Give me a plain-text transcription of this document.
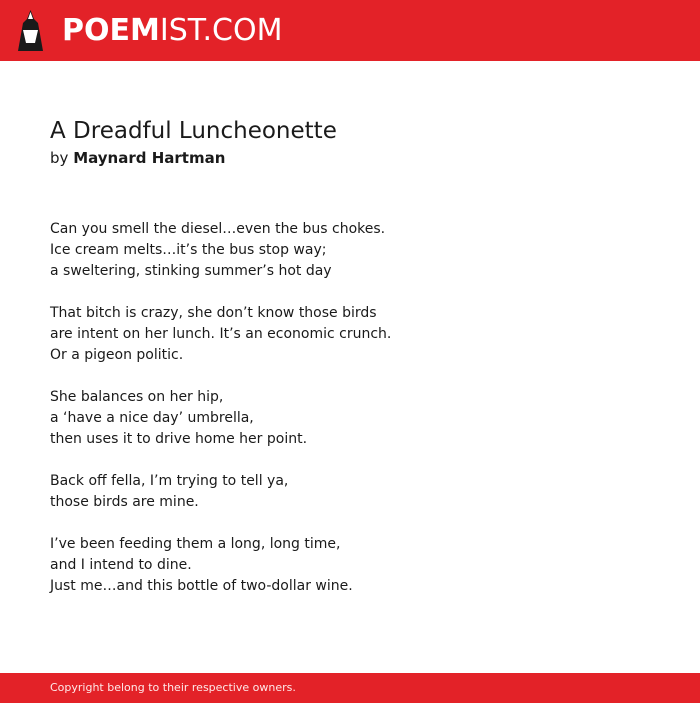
POEMIST.COM
A Dreadful Luncheonette
by Maynard Hartman
Can you smell the diesel…even the bus chokes.
Ice cream melts…it’s the bus stop way;
a sweltering, stinking summer’s hot day
That bitch is crazy, she don’t know those birds
are intent on her lunch. It’s an economic crunch.
Or a pigeon politic.
She balances on her hip,
a ‘have a nice day’ umbrella,
then uses it to drive home her point.
Back off fella, I’m trying to tell ya,
those birds are mine.
I’ve been feeding them a long, long time,
and I intend to dine.
Just me…and this bottle of two-dollar wine.
Copyright belong to their respective owners.
